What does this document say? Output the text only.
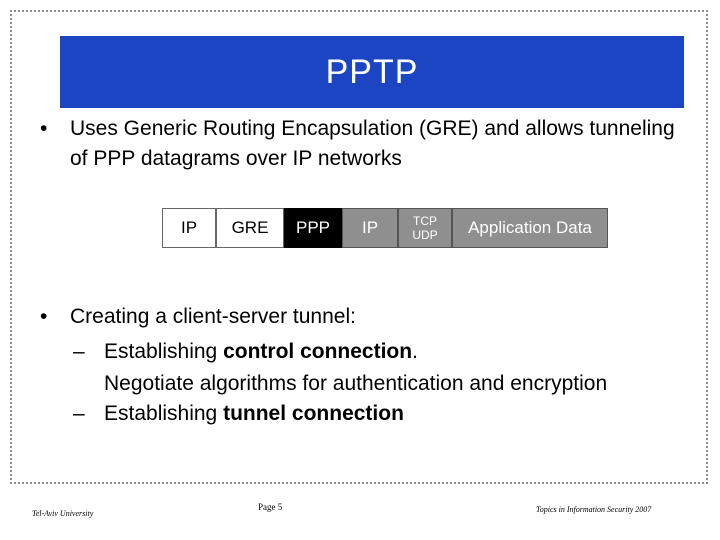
PPTP
•	Uses Generic Routing Encapsulation (GRE) and allows tunneling of PPP datagrams over IP networks
IP GRE PPP IP	TCP
UDP Application Data
•	Creating a client-server tunnel:
– Establishing control connection.
Negotiate algorithms for authentication and encryption
– Establishing tunnel connection
Tel-Aviv University
Page 5	Topics in Information Security 2007
